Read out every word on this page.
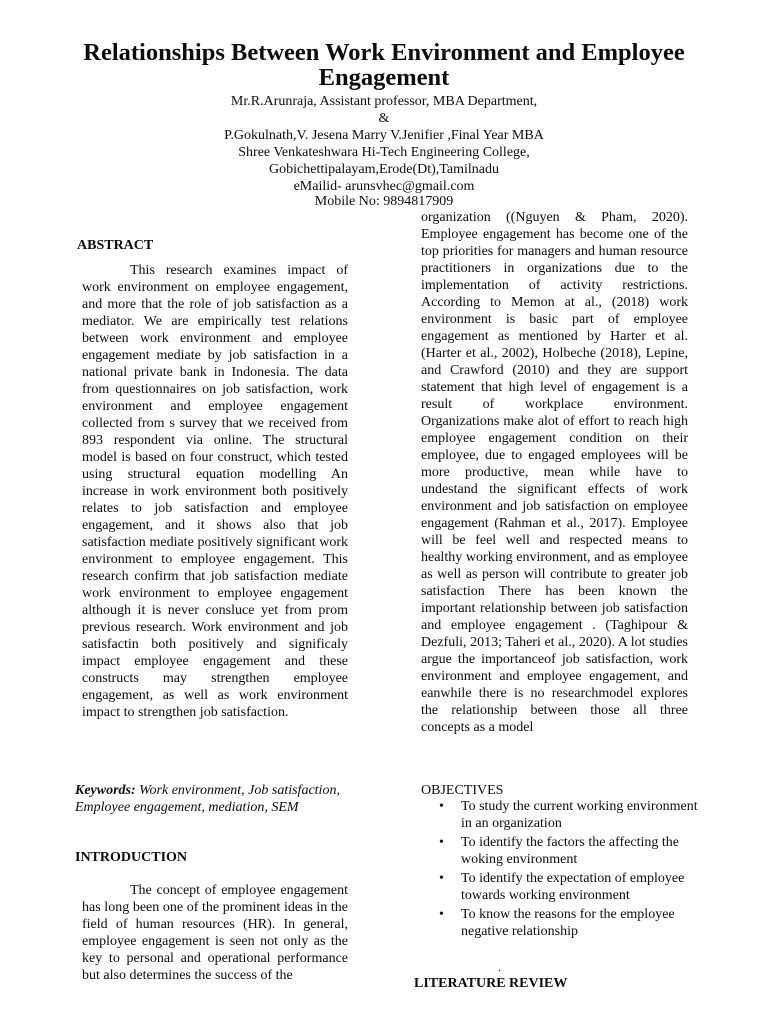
Relationships Between Work Environment and Employee Engagement
Mr.R.Arunraja, Assistant professor, MBA Department,
&
P.Gokulnath,V. Jesena Marry V.Jenifier ,Final Year MBA
Shree Venkateshwara Hi-Tech Engineering College,
Gobichettipalayam,Erode(Dt),Tamilnadu
eMailid- arunsvhec@gmail.com
Mobile No: 9894817909
ABSTRACT

This research examines impact of work environment on employee engagement, and more that the role of job satisfaction as a mediator. We are empirically test relations between work environment and employee engagement mediate by job satisfaction in a national private bank in Indonesia. The data from questionnaires on job satisfaction, work environment and employee engagement collected from s survey that we received from 893 respondent via online. The structural model is based on four construct, which tested using structural equation modelling An increase in work environment both positively relates to job satisfaction and employee engagement, and it shows also that job satisfaction mediate positively significant work environment to employee engagement. This research confirm that job satisfaction mediate work environment to employee engagement although it is never consluce yet from prom previous research. Work environment and job satisfactin both positively and significaly impact employee engagement and these constructs may strengthen employee engagement, as well as work environment impact to strengthen job satisfaction.

Keywords: Work environment, Job satisfaction, Employee engagement, mediation, SEM
INTRODUCTION

The concept of employee engagement has long been one of the prominent ideas in the field of human resources (HR). In general, employee engagement is seen not only as the key to personal and operational performance but also determines the success of the

organization ((Nguyen & Pham, 2020). Employee engagement has become one of the top priorities for managers and human resource practitioners in organizations due to the implementation of activity restrictions. According to Memon at al., (2018) work environment is basic part of employee engagement as mentioned by Harter et al. (Harter et al., 2002), Holbeche (2018), Lepine, and Crawford (2010) and they are support statement that high level of engagement is a result of workplace environment. Organizations make alot of effort to reach high employee engagement condition on their employee, due to engaged employees will be more productive, mean while have to undestand the significant effects of work environment and job satisfaction on employee engagement (Rahman et al., 2017). Employee will be feel well and respected means to healthy working environment, and as employee as well as person will contribute to greater job satisfaction There has been known the important relationship between job satisfaction and employee engagement . (Taghipour & Dezfuli, 2013; Taheri et al., 2020). A lot studies argue the importanceof job satisfaction, work environment and employee engagement, and eanwhile there is no researchmodel explores the relationship between those all three concepts as a model

OBJECTIVES
• To study the current working environment in an organization
• To identify the factors the affecting the woking environment
• To identify the expectation of employee towards working environment
• To know the reasons for the employee negative relationship
.
LITERATURE REVIEW
